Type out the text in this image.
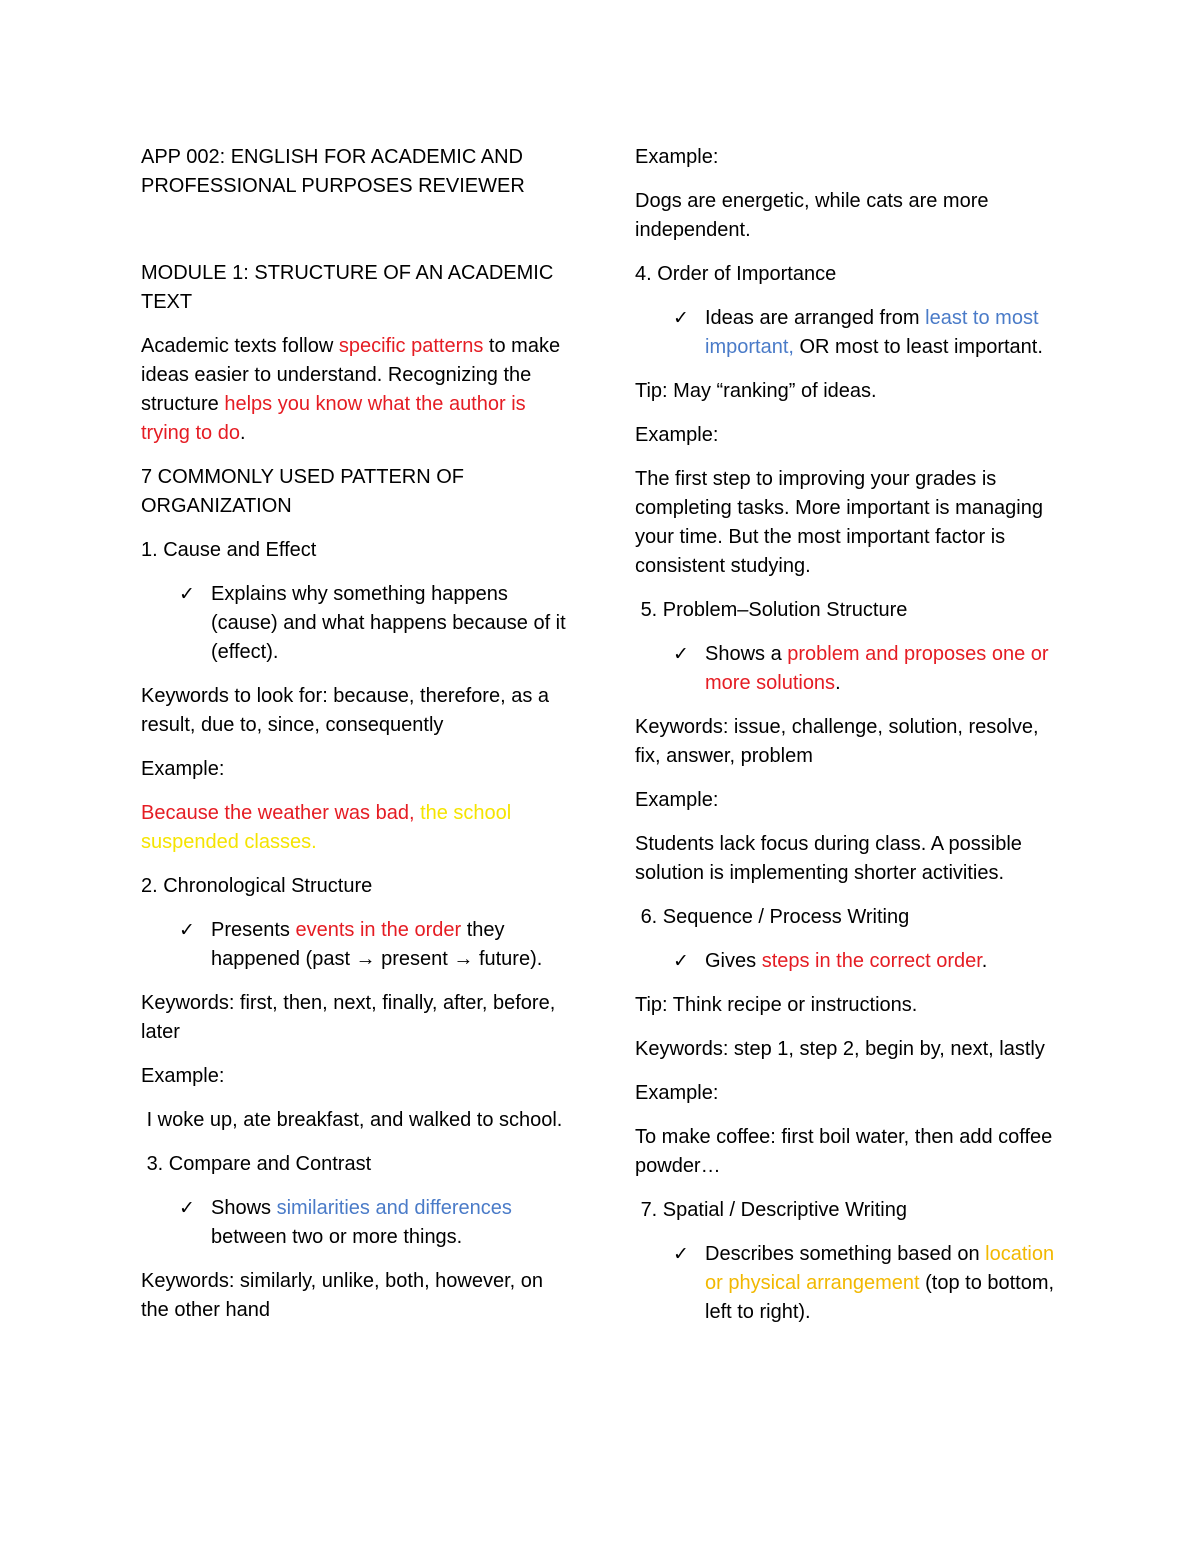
APP 002: ENGLISH FOR ACADEMIC AND
PROFESSIONAL PURPOSES REVIEWER

MODULE 1: STRUCTURE OF AN ACADEMIC TEXT

Academic texts follow specific patterns to make ideas easier to understand. Recognizing the structure helps you know what the author is trying to do.

7 COMMONLY USED PATTERN OF ORGANIZATION

1. Cause and Effect

✓ Explains why something happens (cause) and what happens because of it (effect).

Keywords to look for: because, therefore, as a result, due to, since, consequently

Example:

Because the weather was bad, the school suspended classes.

2. Chronological Structure

✓ Presents events in the order they happened (past → present → future).

Keywords: first, then, next, finally, after, before, later

Example:

I woke up, ate breakfast, and walked to school.

3. Compare and Contrast

✓ Shows similarities and differences between two or more things.

Keywords: similarly, unlike, both, however, on the other hand

Example:

Dogs are energetic, while cats are more independent.

4. Order of Importance

✓ Ideas are arranged from least to most important, OR most to least important.

Tip: May “ranking” of ideas.

Example:

The first step to improving your grades is completing tasks. More important is managing your time. But the most important factor is consistent studying.

5. Problem–Solution Structure

✓ Shows a problem and proposes one or more solutions.

Keywords: issue, challenge, solution, resolve, fix, answer, problem

Example:

Students lack focus during class. A possible solution is implementing shorter activities.

6. Sequence / Process Writing

✓ Gives steps in the correct order.

Tip: Think recipe or instructions.

Keywords: step 1, step 2, begin by, next, lastly

Example:

To make coffee: first boil water, then add coffee powder…

7. Spatial / Descriptive Writing

✓ Describes something based on location or physical arrangement (top to bottom, left to right).
